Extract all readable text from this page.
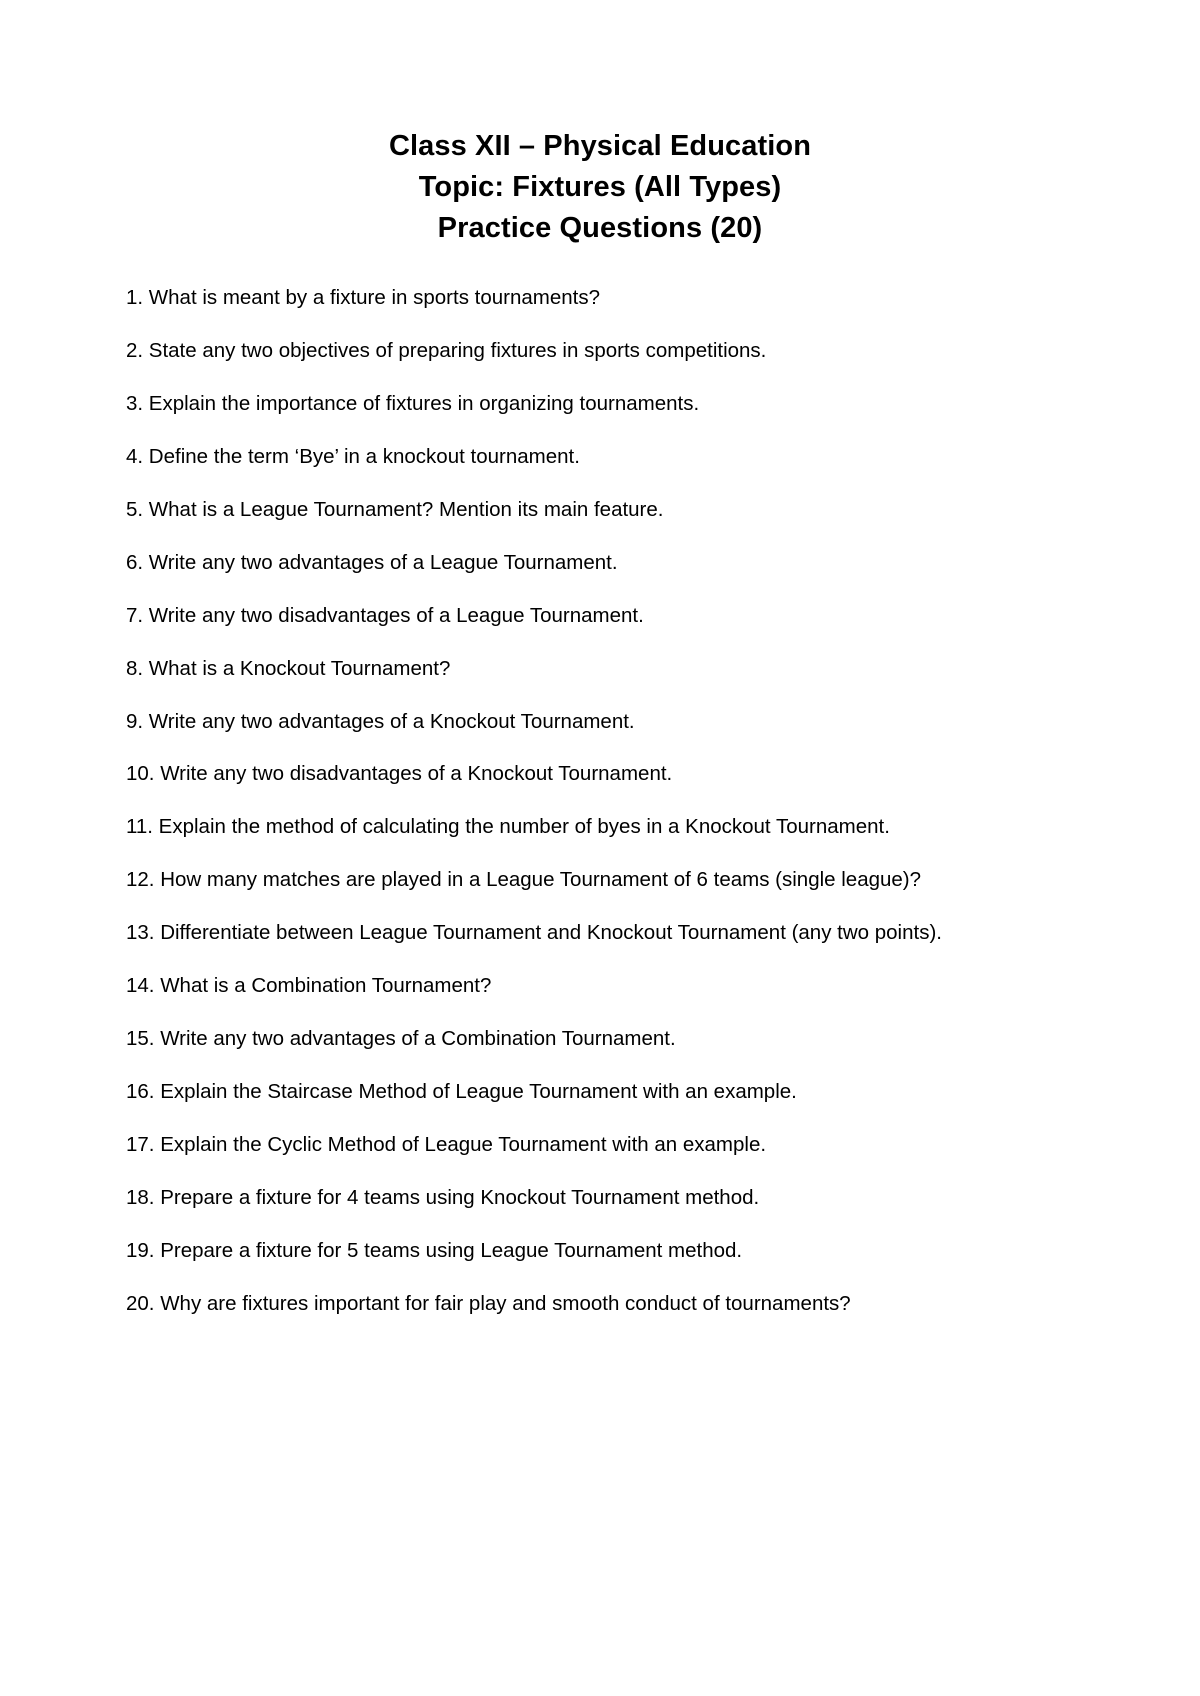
Class XII – Physical Education
Topic: Fixtures (All Types)
Practice Questions (20)
1. What is meant by a fixture in sports tournaments?
2. State any two objectives of preparing fixtures in sports competitions.
3. Explain the importance of fixtures in organizing tournaments.
4. Define the term ‘Bye’ in a knockout tournament.
5. What is a League Tournament? Mention its main feature.
6. Write any two advantages of a League Tournament.
7. Write any two disadvantages of a League Tournament.
8. What is a Knockout Tournament?
9. Write any two advantages of a Knockout Tournament.
10. Write any two disadvantages of a Knockout Tournament.
11. Explain the method of calculating the number of byes in a Knockout Tournament.
12. How many matches are played in a League Tournament of 6 teams (single league)?
13. Differentiate between League Tournament and Knockout Tournament (any two points).
14. What is a Combination Tournament?
15. Write any two advantages of a Combination Tournament.
16. Explain the Staircase Method of League Tournament with an example.
17. Explain the Cyclic Method of League Tournament with an example.
18. Prepare a fixture for 4 teams using Knockout Tournament method.
19. Prepare a fixture for 5 teams using League Tournament method.
20. Why are fixtures important for fair play and smooth conduct of tournaments?
